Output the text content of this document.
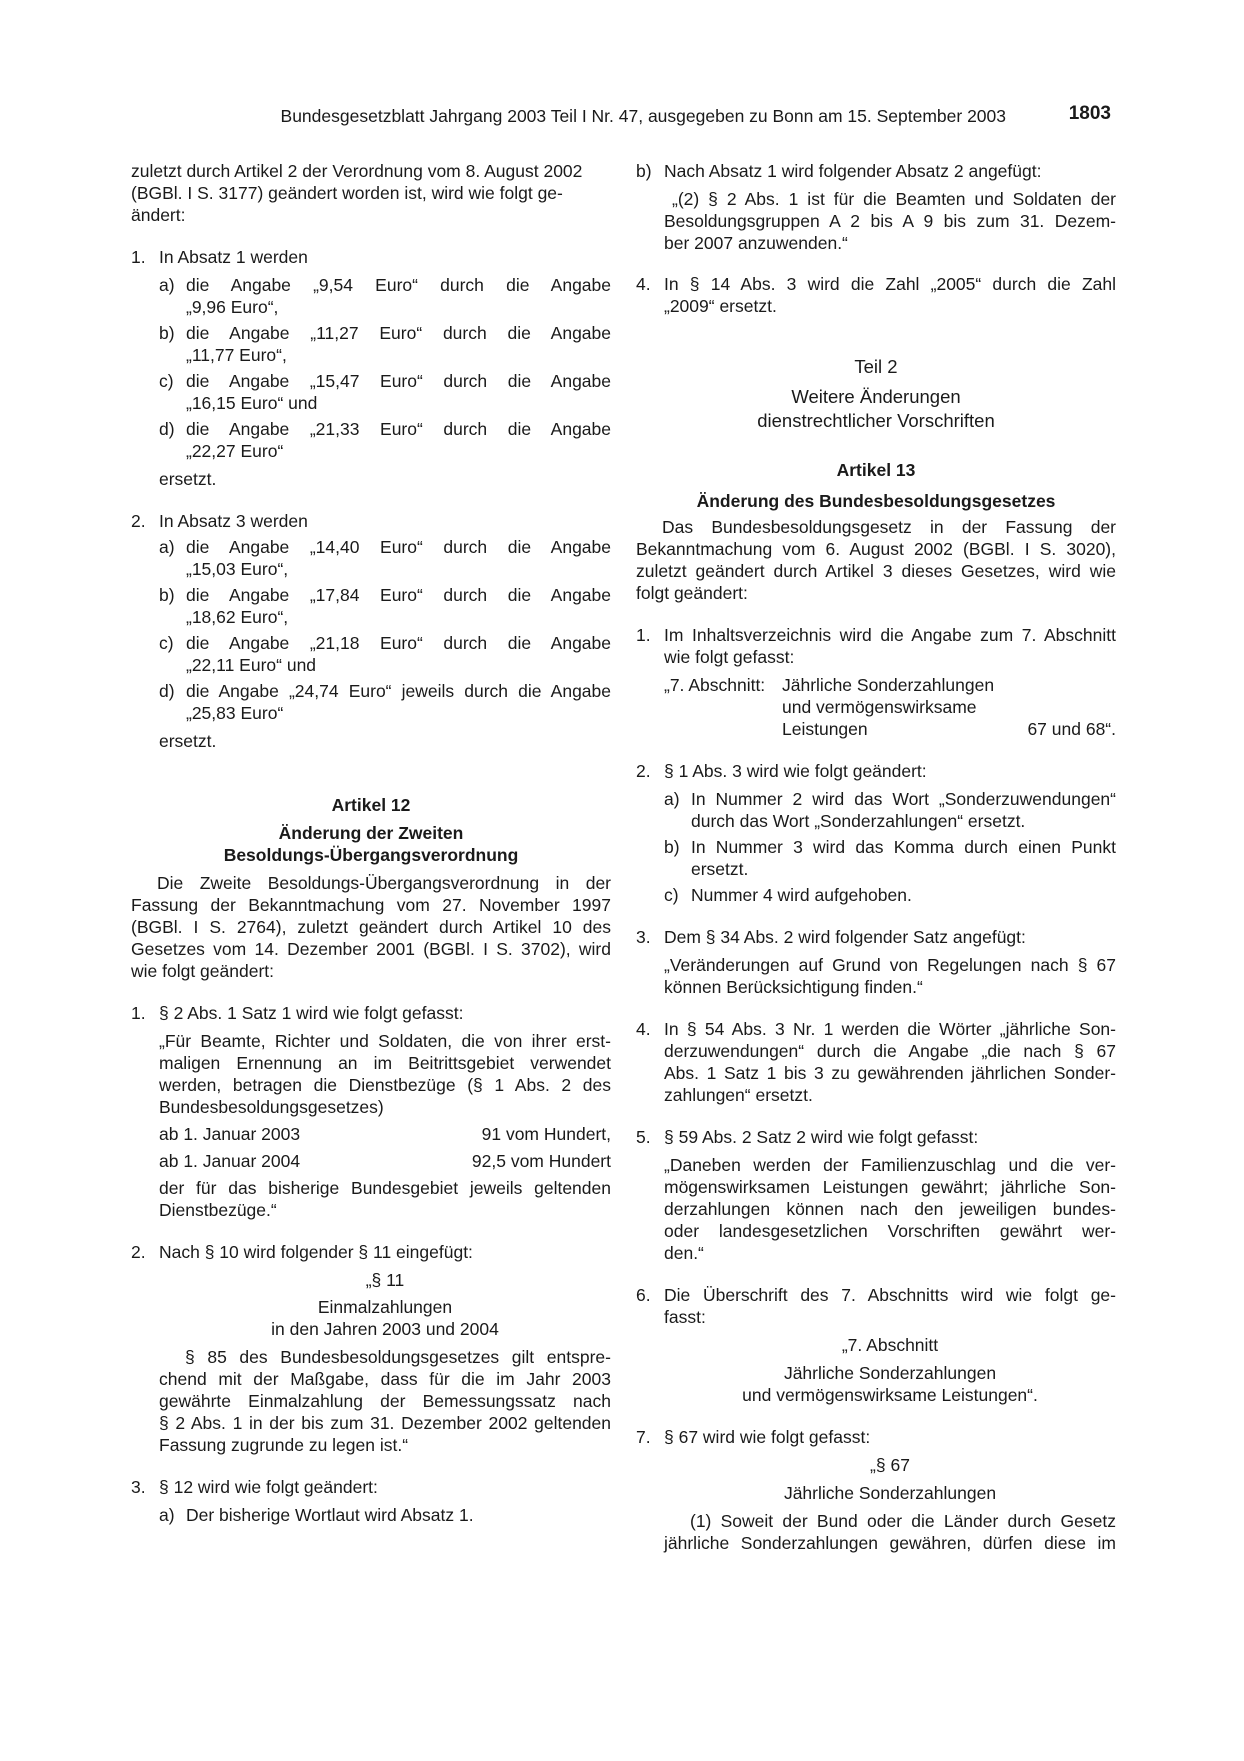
Bundesgesetzblatt Jahrgang 2003 Teil I Nr. 47, ausgegeben zu Bonn am 15. September 2003	1803
zuletzt durch Artikel 2 der Verordnung vom 8. August 2002
(BGBl. I S. 3177) geändert worden ist, wird wie folgt ge-
ändert:
1. In Absatz 1 werden
a) die Angabe „9,54 Euro“ durch die Angabe
„9,96 Euro“,
b) die Angabe „11,27 Euro“ durch die Angabe
„11,77 Euro“,
c) die Angabe „15,47 Euro“ durch die Angabe
„16,15 Euro“ und
d) die Angabe „21,33 Euro“ durch die Angabe
„22,27 Euro“
ersetzt.
2. In Absatz 3 werden
a) die Angabe „14,40 Euro“ durch die Angabe
„15,03 Euro“,
b) die Angabe „17,84 Euro“ durch die Angabe
„18,62 Euro“,
c) die Angabe „21,18 Euro“ durch die Angabe
„22,11 Euro“ und
d) die Angabe „24,74 Euro“ jeweils durch die Angabe
„25,83 Euro“
ersetzt.
Artikel 12
Änderung der Zweiten
Besoldungs-Übergangsverordnung
Die Zweite Besoldungs-Übergangsverordnung in der
Fassung der Bekanntmachung vom 27. November 1997
(BGBl. I S. 2764), zuletzt geändert durch Artikel 10 des
Gesetzes vom 14. Dezember 2001 (BGBl. I S. 3702), wird
wie folgt geändert:
1. § 2 Abs. 1 Satz 1 wird wie folgt gefasst:
„Für Beamte, Richter und Soldaten, die von ihrer erst-
maligen Ernennung an im Beitrittsgebiet verwendet
werden, betragen die Dienstbezüge (§ 1 Abs. 2 des
Bundesbesoldungsgesetzes)
ab 1. Januar 2003	91 vom Hundert,
ab 1. Januar 2004	92,5 vom Hundert
der für das bisherige Bundesgebiet jeweils geltenden
Dienstbezüge.“
2. Nach § 10 wird folgender § 11 eingefügt:
„§ 11
Einmalzahlungen
in den Jahren 2003 und 2004
§ 85 des Bundesbesoldungsgesetzes gilt entspre-
chend mit der Maßgabe, dass für die im Jahr 2003
gewährte Einmalzahlung der Bemessungssatz nach
§ 2 Abs. 1 in der bis zum 31. Dezember 2002 geltenden
Fassung zugrunde zu legen ist.“
3. § 12 wird wie folgt geändert:
a) Der bisherige Wortlaut wird Absatz 1.
b) Nach Absatz 1 wird folgender Absatz 2 angefügt:
„(2) § 2 Abs. 1 ist für die Beamten und Soldaten der
Besoldungsgruppen A 2 bis A 9 bis zum 31. Dezem-
ber 2007 anzuwenden.“
4. In § 14 Abs. 3 wird die Zahl „2005“ durch die Zahl
„2009“ ersetzt.
Teil 2
Weitere Änderungen
dienstrechtlicher Vorschriften
Artikel 13
Änderung des Bundesbesoldungsgesetzes
Das Bundesbesoldungsgesetz in der Fassung der
Bekanntmachung vom 6. August 2002 (BGBl. I S. 3020),
zuletzt geändert durch Artikel 3 dieses Gesetzes, wird wie
folgt geändert:
1. Im Inhaltsverzeichnis wird die Angabe zum 7. Abschnitt
wie folgt gefasst:
„7. Abschnitt: Jährliche Sonderzahlungen
und vermögenswirksame
Leistungen	67 und 68“.
2. § 1 Abs. 3 wird wie folgt geändert:
a) In Nummer 2 wird das Wort „Sonderzuwendungen“
durch das Wort „Sonderzahlungen“ ersetzt.
b) In Nummer 3 wird das Komma durch einen Punkt
ersetzt.
c) Nummer 4 wird aufgehoben.
3. Dem § 34 Abs. 2 wird folgender Satz angefügt:
„Veränderungen auf Grund von Regelungen nach § 67
können Berücksichtigung finden.“
4. In § 54 Abs. 3 Nr. 1 werden die Wörter „jährliche Son-
derzuwendungen“ durch die Angabe „die nach § 67
Abs. 1 Satz 1 bis 3 zu gewährenden jährlichen Sonder-
zahlungen“ ersetzt.
5. § 59 Abs. 2 Satz 2 wird wie folgt gefasst:
„Daneben werden der Familienzuschlag und die ver-
mögenswirksamen Leistungen gewährt; jährliche Son-
derzahlungen können nach den jeweiligen bundes-
oder landesgesetzlichen Vorschriften gewährt wer-
den.“
6. Die Überschrift des 7. Abschnitts wird wie folgt ge-
fasst:
„7. Abschnitt
Jährliche Sonderzahlungen
und vermögenswirksame Leistungen“.
7. § 67 wird wie folgt gefasst:
„§ 67
Jährliche Sonderzahlungen
(1) Soweit der Bund oder die Länder durch Gesetz
jährliche Sonderzahlungen gewähren, dürfen diese im
